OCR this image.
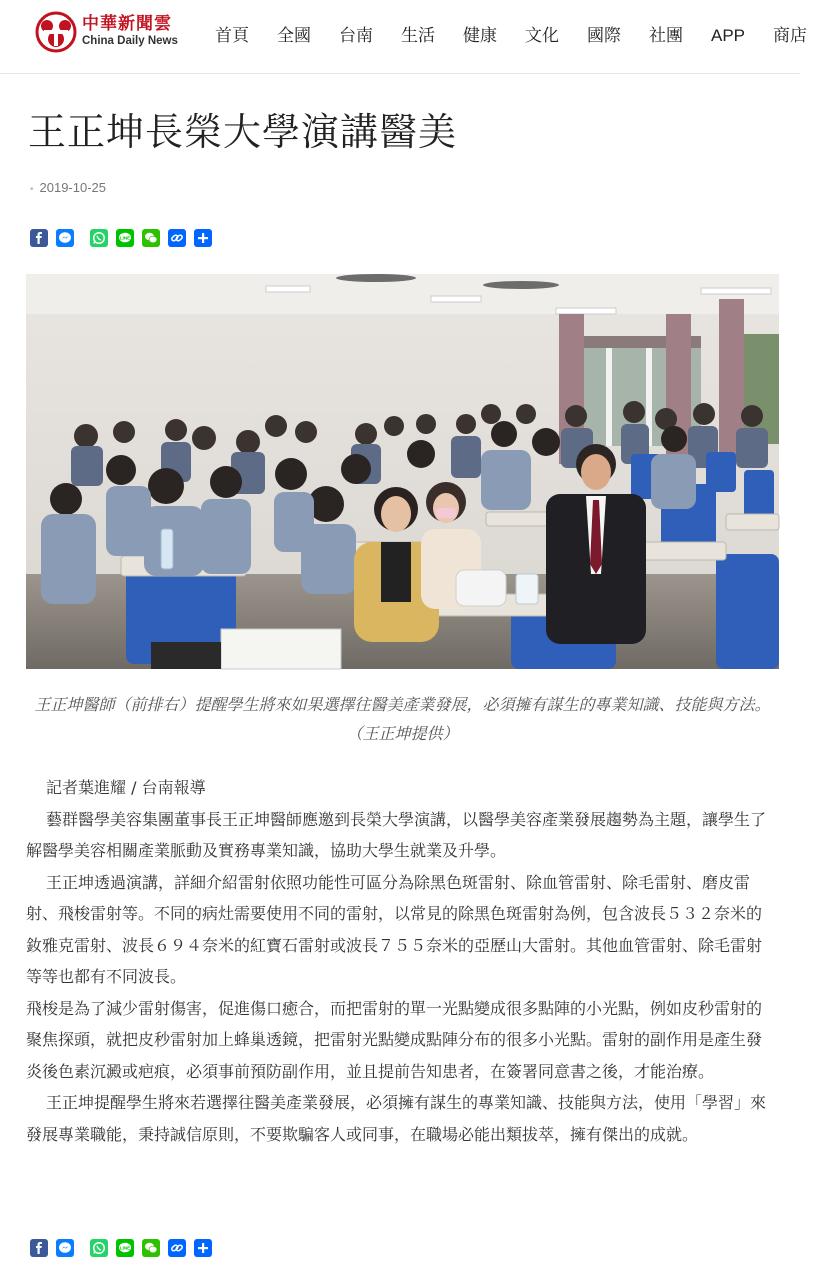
中華新聞雲
China Daily News 首頁 全國 台南 生活 健康 文化 國際 社團 APP 商店
王正坤長榮大學演講醫美
• 2019-10-25
LINE
王正坤醫師（前排右）提醒學生將來如果選擇往醫美產業發展，必須擁有謀生的專業知識、技能與方法。（王正坤提供）

記者葉進耀 / 台南報導

藝群醫學美容集團董事長王正坤醫師應邀到長榮大學演講，以醫學美容產業發展趨勢為主題，讓學生了解醫學美容相關產業脈動及實務專業知識，協助大學生就業及升學。

王正坤透過演講，詳細介紹雷射依照功能性可區分為除黑色斑雷射、除血管雷射、除毛雷射、磨皮雷射、飛梭雷射等。不同的病灶需要使用不同的雷射，以常見的除黑色斑雷射為例，包含波長５３２奈米的釹雅克雷射、波長６９４奈米的紅寶石雷射或波長７５５奈米的亞歷山大雷射。其他血管雷射、除毛雷射等等也都有不同波長。

飛梭是為了減少雷射傷害，促進傷口癒合，而把雷射的單一光點變成很多點陣的小光點，例如皮秒雷射的聚焦探頭，就把皮秒雷射加上蜂巢透鏡，把雷射光點變成點陣分布的很多小光點。雷射的副作用是產生發炎後色素沉澱或疤痕，必須事前預防副作用，並且提前告知患者，在簽署同意書之後，才能治療。

王正坤提醒學生將來若選擇往醫美產業發展，必須擁有謀生的專業知識、技能與方法，使用「學習」來發展專業職能，秉持誠信原則，不要欺騙客人或同事，在職場必能出類拔萃，擁有傑出的成就。

LINE
